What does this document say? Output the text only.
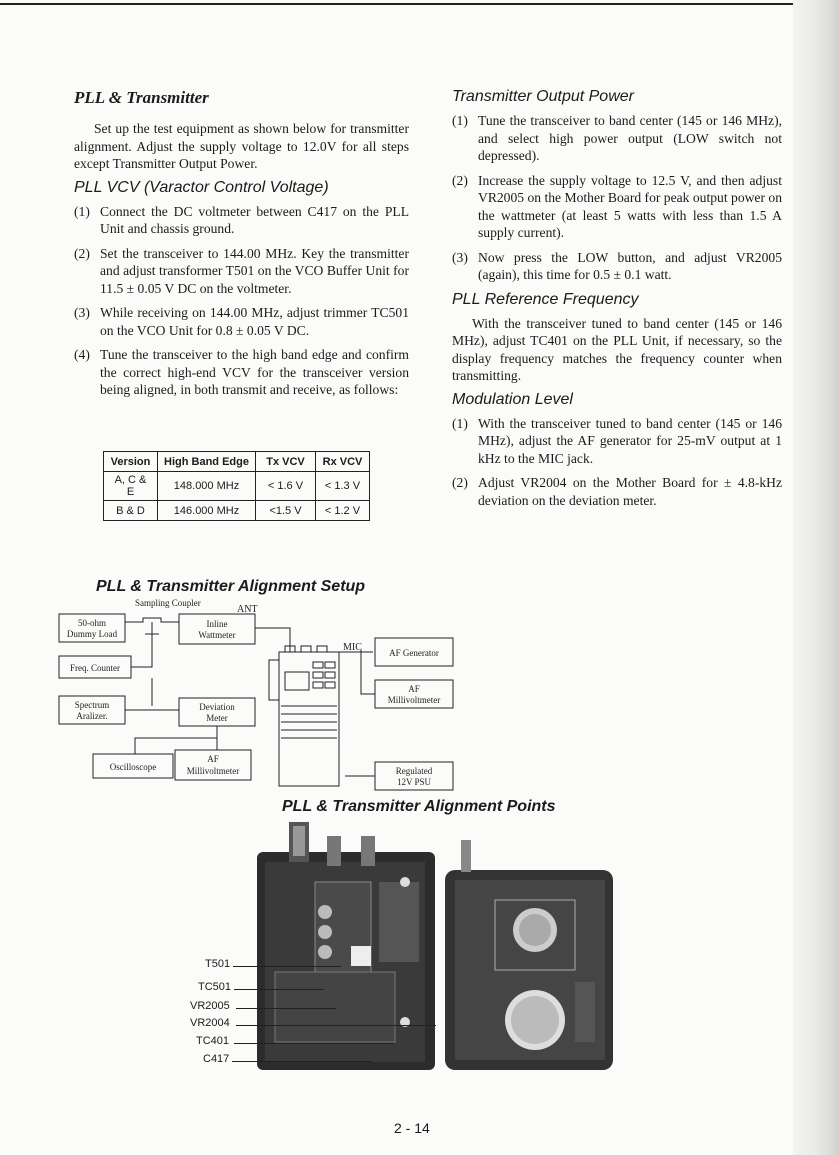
PLL & Transmitter

Set up the test equipment as shown below for transmitter alignment. Adjust the supply voltage to 12.0V for all steps except Transmitter Output Power.

PLL VCV (Varactor Control Voltage)
(1) Connect the DC voltmeter between C417 on the PLL Unit and chassis ground.
(2) Set the transceiver to 144.00 MHz. Key the transmitter and adjust transformer T501 on the VCO Buffer Unit for 11.5 ± 0.05 V DC on the voltmeter.
(3) While receiving on 144.00 MHz, adjust trimmer TC501 on the VCO Unit for 0.8 ± 0.05 V DC.
(4) Tune the transceiver to the high band edge and confirm the correct high-end VCV for the transceiver version being aligned, in both transmit and receive, as follows:
Version	High Band Edge	Tx VCV	Rx VCV
A, C & E	148.000 MHz	< 1.6 V	< 1.3 V
B & D	146.000 MHz	<1.5 V	< 1.2 V
Transmitter Output Power
(1) Tune the transceiver to band center (145 or 146 MHz), and select high power output (LOW switch not depressed).
(2) Increase the supply voltage to 12.5 V, and then adjust VR2005 on the Mother Board for peak output power on the wattmeter (at least 5 watts with less than 1.5 A supply current).
(3) Now press the LOW button, and adjust VR2005 (again), this time for 0.5 ± 0.1 watt.
PLL Reference Frequency

With the transceiver tuned to band center (145 or 146 MHz), adjust TC401 on the PLL Unit, if necessary, so the display frequency matches the frequency counter when transmitting.

Modulation Level
(1) With the transceiver tuned to band center (145 or 146 MHz), adjust the AF generator for 25-mV output at 1 kHz to the MIC jack.
(2) Adjust VR2004 on the Mother Board for ± 4.8-kHz deviation on the deviation meter.
PLL & Transmitter Alignment Setup
Sampling Coupler
ANT
50-ohm
Dummy Load
Inline
Wattmeter
Freq. Counter
Spectrum
Aralizer.
Deviation
Meter
Oscilloscope
AF
Millivoltmeter
MIC	AF Generator
AF
Millivoltmeter
Regulated
12V PSU
PLL & Transmitter Alignment Points
T501
TC501
VR2005
VR2004
TC401
C417
2 - 14
